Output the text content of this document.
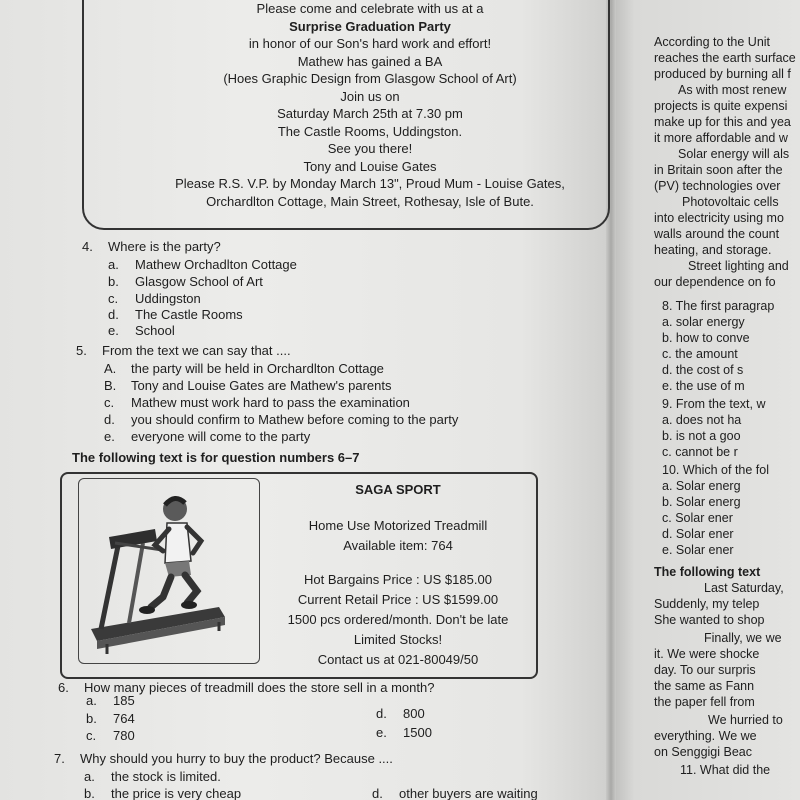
Please come and celebrate with us at a
Surprise Graduation Party
in honor of our Son's hard work and effort!
Mathew has gained a BA
(Hoes Graphic Design from Glasgow School of Art)
Join us on
Saturday March 25th at 7.30 pm
The Castle Rooms, Uddingston.
See you there!
Tony and Louise Gates
Please R.S. V.P. by Monday March 13", Proud Mum - Louise Gates,
Orchardlton Cottage, Main Street, Rothesay, Isle of Bute.
4. Where is the party?
a. Mathew Orchadlton Cottage
b. Glasgow School of Art
c. Uddingston
d. The Castle Rooms
e. School
5. From the text we can say that ....
A. the party will be held in Orchardlton Cottage
B. Tony and Louise Gates are Mathew's parents
c. Mathew must work hard to pass the examination
d. you should confirm to Mathew before coming to the party
e. everyone will come to the party
The following text is for question numbers 6–7
SAGA SPORT
Home Use Motorized Treadmill
Available item: 764
Hot Bargains Price : US $185.00
Current Retail Price : US $1599.00
1500 pcs ordered/month. Don't be late
Limited Stocks!
Contact us at 021-80049/50
6. How many pieces of treadmill does the store sell in a month?
a. 185
b. 764
c. 780
d. 800
e. 1500
7. Why should you hurry to buy the product? Because ....
a. the stock is limited.
b. the price is very cheap	d. other buyers are waiting
According to the Unit
reaches the earth surface
produced by burning all f
As with most renew
projects is quite expensi
make up for this and yea
it more affordable and w
Solar energy will als
in Britain soon after the
(PV) technologies over
Photovoltaic cells
into electricity using mo
walls around the count
heating, and storage.
Street lighting and
our dependence on fo
8. The first paragrap
a. solar energy
b. how to conve
c. the amount
d. the cost of s
e. the use of m
9. From the text, w
a. does not ha
b. is not a goo
c. cannot be r
10. Which of the fol
a. Solar energ
b. Solar energ
c. Solar ener
d. Solar ener
e. Solar ener
The following text
Last Saturday,
Suddenly, my telep
She wanted to shop
Finally, we we
it. We were shocke
day. To our surpris
the same as Fann
the paper fell from
We hurried to
everything. We we
on Senggigi Beac
11. What did the
